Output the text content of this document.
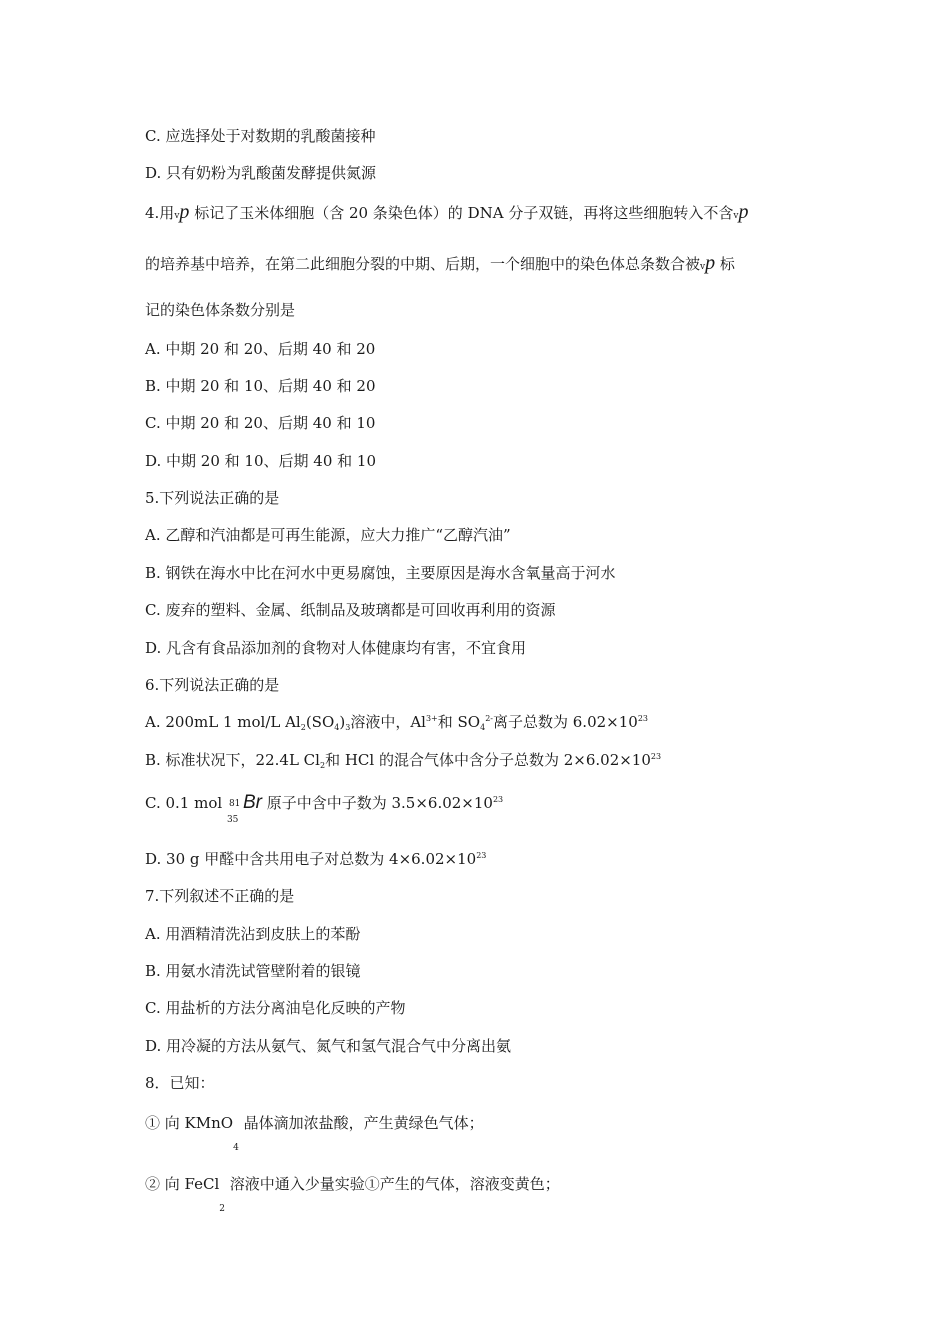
C. 应选择处于对数期的乳酸菌接种
D. 只有奶粉为乳酸菌发酵提供氮源
4.用vp 标记了玉米体细胞（含 20 条染色体）的 DNA 分子双链，再将这些细胞转入不含vp
的培养基中培养，在第二此细胞分裂的中期、后期，一个细胞中的染色体总条数合被vp 标
记的染色体条数分别是
A. 中期 20 和 20、后期 40 和 20
B. 中期 20 和 10、后期 40 和 20
C. 中期 20 和 20、后期 40 和 10
D. 中期 20 和 10、后期 40 和 10
5.下列说法正确的是
A. 乙醇和汽油都是可再生能源，应大力推广“乙醇汽油”
B. 钢铁在海水中比在河水中更易腐蚀，主要原因是海水含氧量高于河水
C. 废弃的塑料、金属、纸制品及玻璃都是可回收再利用的资源
D. 凡含有食品添加剂的食物对人体健康均有害，不宜食用
6.下列说法正确的是
A. 200mL 1 mol/L $Al_2(SO_4)_3$溶液中，$Al^{3+}$和 $SO_4^{2-}$离子总数为 $6.02\times 10^{23}$
B. 标准状况下，22.4L $Cl_2$和 HCl 的混合气体中含分子总数为 $2\times 6.02\times 10^{23}$
C. 0.1 mol 81
35
Br 原子中含中子数为 $3.5\times 6.02\times 10^{23}$
D. 30 g 甲醛中含共用电子对总数为 $4\times 6.02\times 10^{23}$
7.下列叙述不正确的是
A. 用酒精清洗沾到皮肤上的苯酚
B. 用氨水清洗试管壁附着的银镜
C. 用盐析的方法分离油皂化反映的产物
D. 用冷凝的方法从氨气、氮气和氢气混合气中分离出氨
8．已知：
① 向 KMnO$_4$ 晶体滴加浓盐酸，产生黄绿色气体；
② 向 FeCl$_2$ 溶液中通入少量实验①产生的气体，溶液变黄色；
